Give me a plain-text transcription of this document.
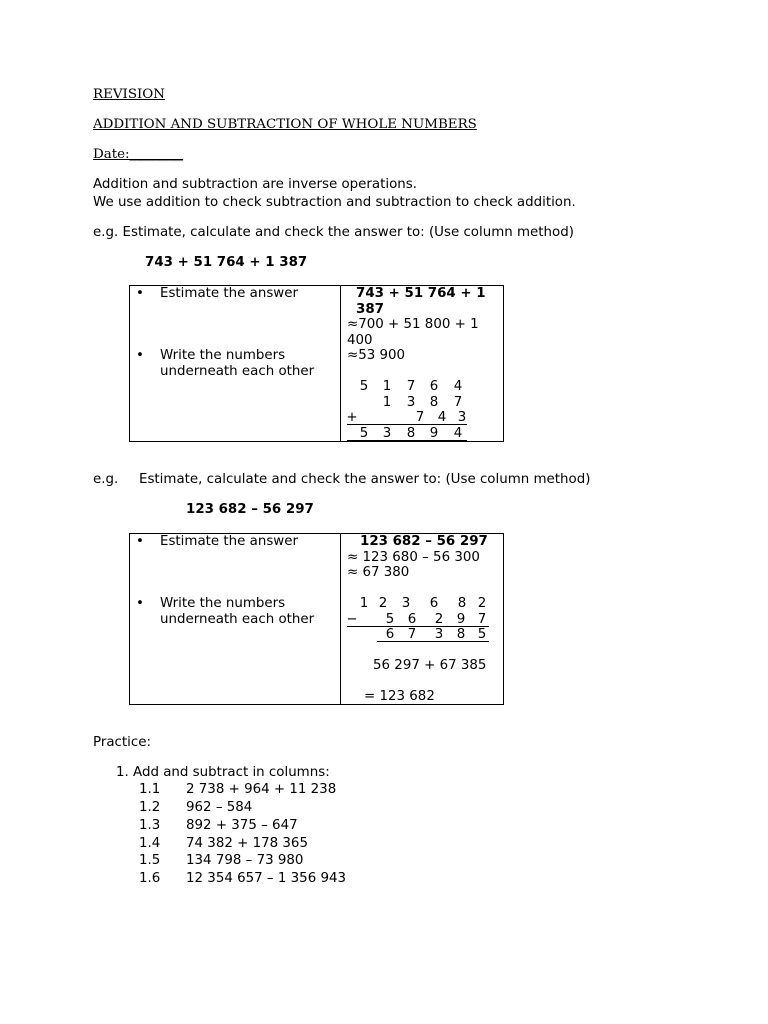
REVISION
ADDITION AND SUBTRACTION OF WHOLE NUMBERS
Date:________
Addition and subtraction are inverse operations.
We use addition to check subtraction and subtraction to check addition.
e.g. Estimate, calculate and check the answer to: (Use column method)
743 + 51 764 + 1 387
• Estimate the answer
• Write the numbers underneath each other
743 + 51 764 + 1 387
≈700 + 51 800 + 1 400
≈53 900
5 1 7 6 4
1 3 8 7
+	7 4 3
5 3 8 9 4
e.g. Estimate, calculate and check the answer to: (Use column method)
123 682 – 56 297
• Estimate the answer
• Write the numbers underneath each other
123 682 – 56 297
≈ 123 680 – 56 300
≈ 67 380
1 2 3 6 8 2
− 5 6 2 9 7
6 7 3 8 5
56 297 + 67 385
= 123 682
Practice:
1. Add and subtract in columns:
1.1 2 738 + 964 + 11 238
1.2 962 – 584
1.3 892 + 375 – 647
1.4 74 382 + 178 365
1.5 134 798 – 73 980
1.6 12 354 657 – 1 356 943
